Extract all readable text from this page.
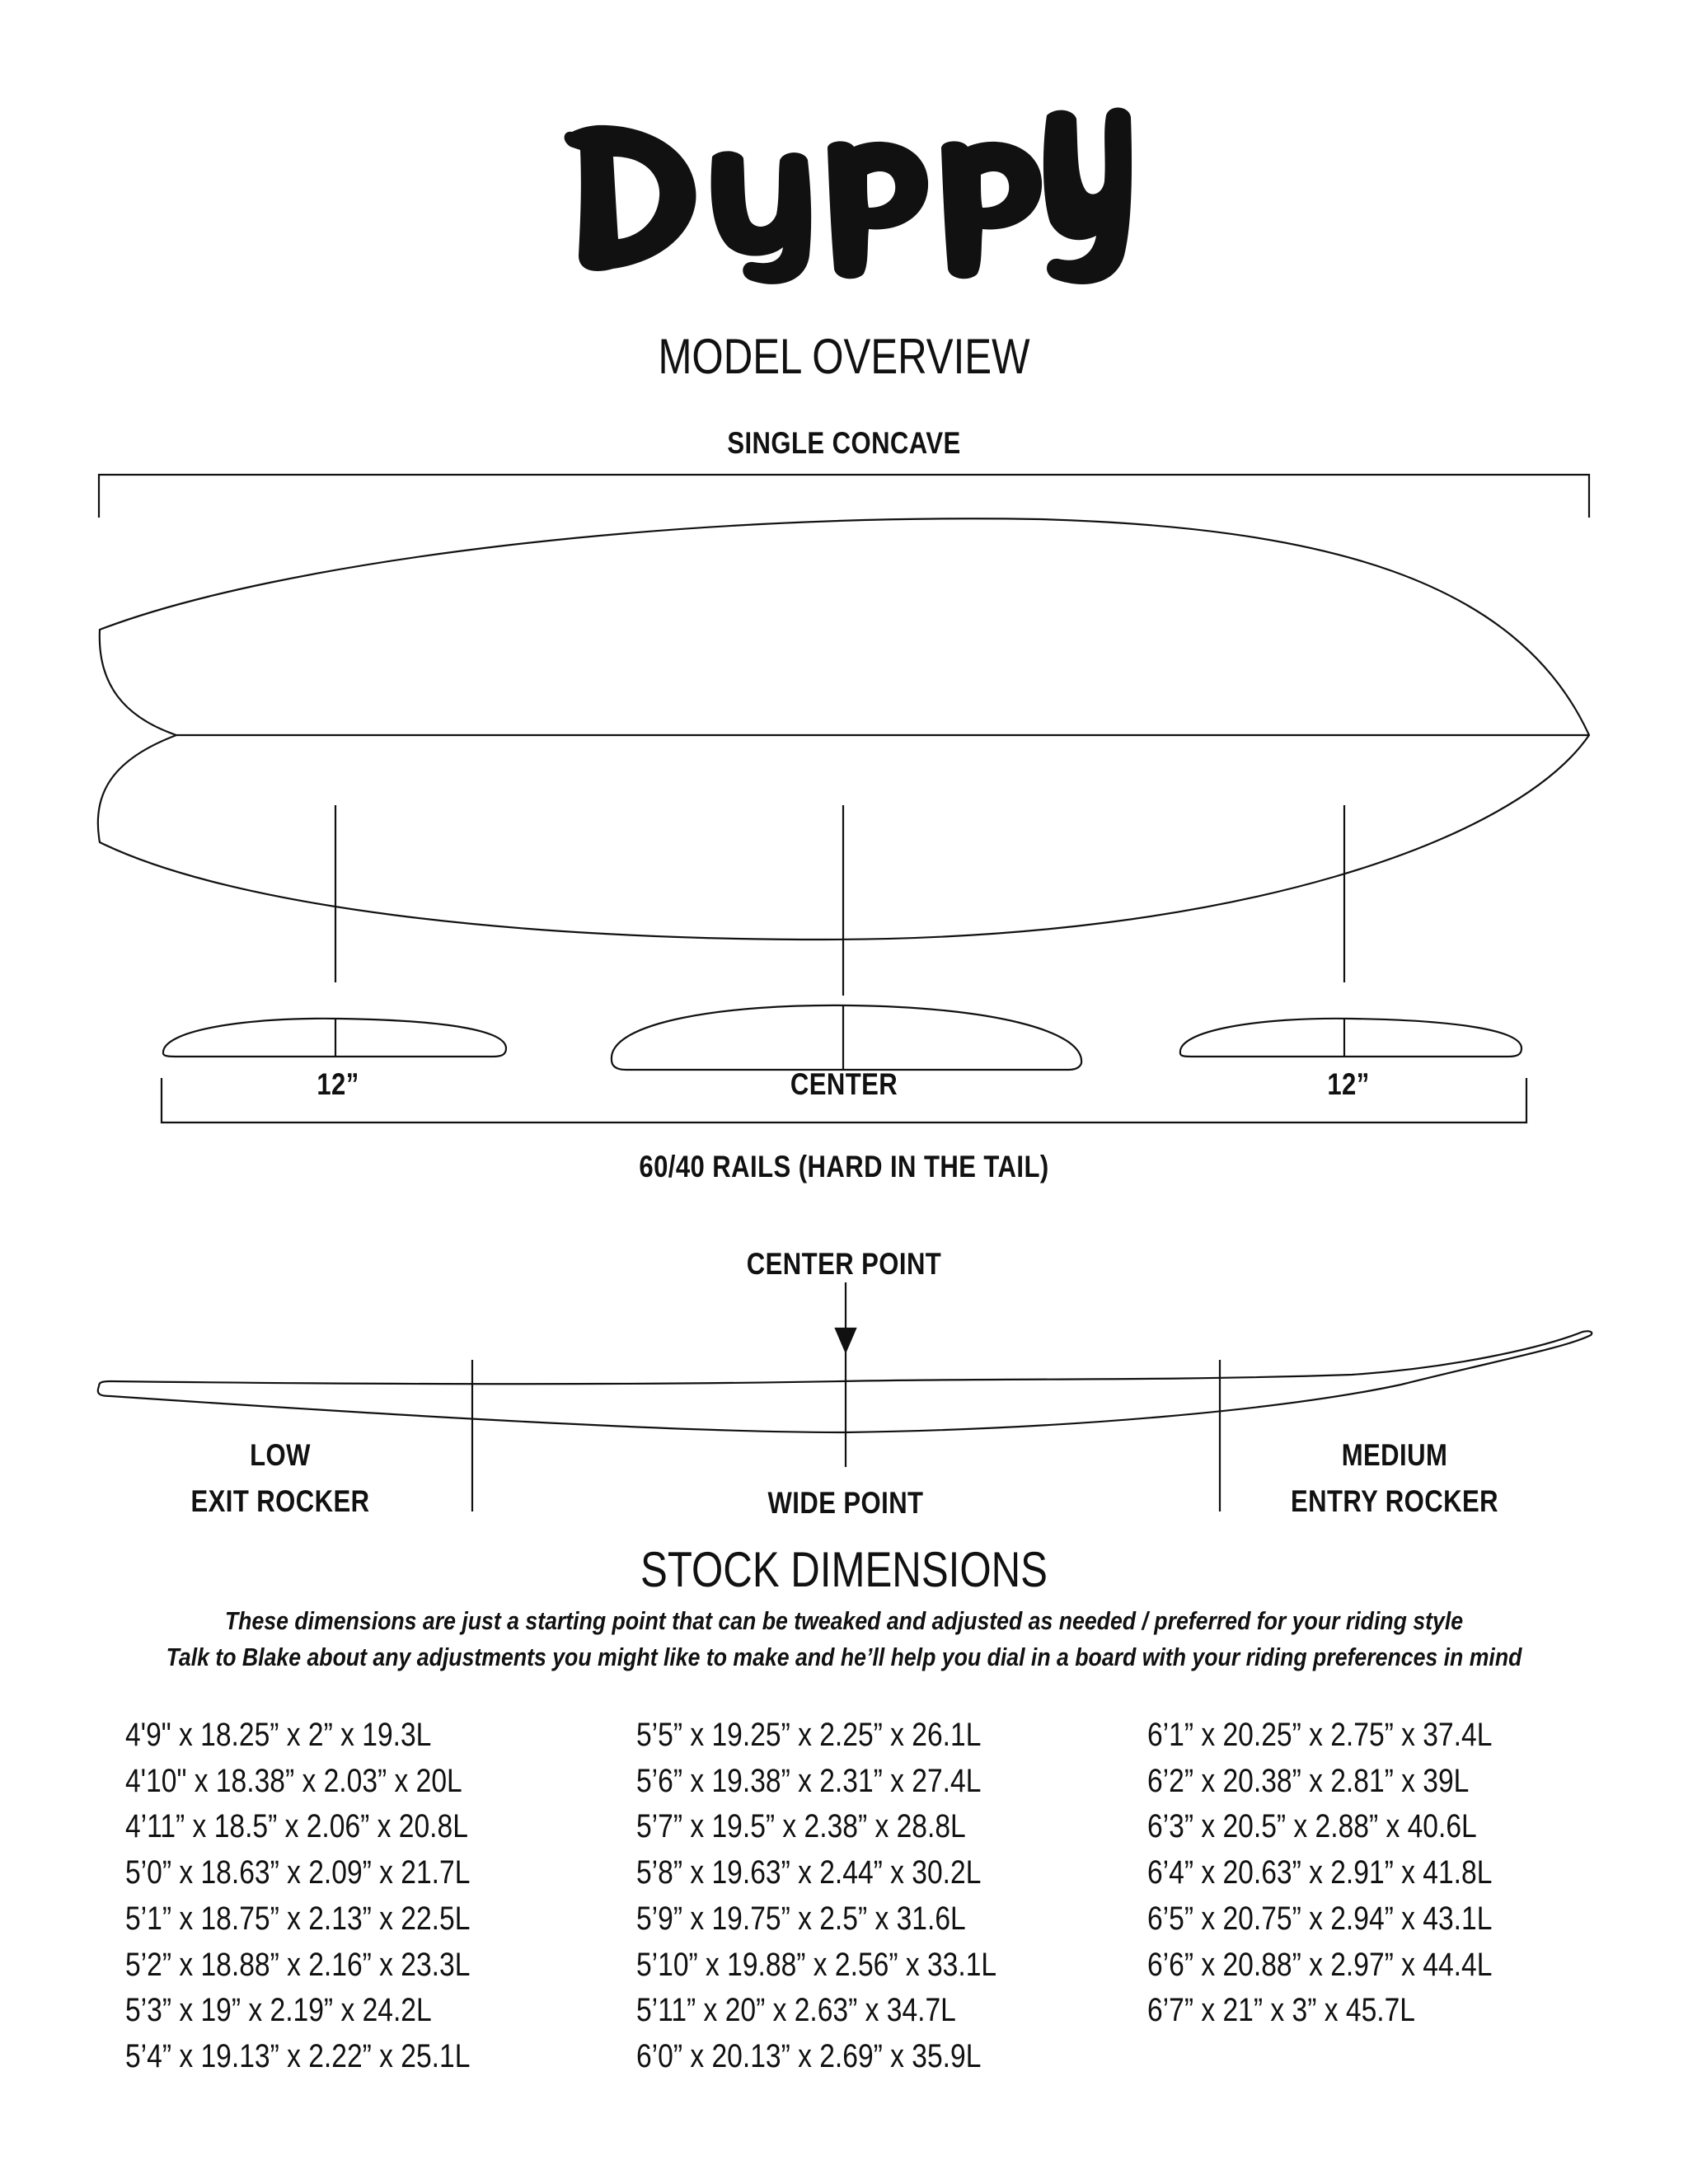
MODEL OVERVIEW
SINGLE CONCAVE
12”	CENTER	12”
60/40 RAILS (HARD IN THE TAIL)
CENTER POINT
LOW
EXIT ROCKER	WIDE POINT
MEDIUM
ENTRY ROCKER
STOCK DIMENSIONS
These dimensions are just a starting point that can be tweaked and adjusted as needed / preferred for your riding style
Talk to Blake about any adjustments you might like to make and he’ll help you dial in a board with your riding preferences in mind
4'9" x 18.25” x 2” x 19.3L
4'10" x 18.38” x 2.03” x 20L
4’11” x 18.5” x 2.06” x 20.8L
5’0” x 18.63” x 2.09” x 21.7L
5’1” x 18.75” x 2.13” x 22.5L
5’2” x 18.88” x 2.16” x 23.3L
5’3” x 19” x 2.19” x 24.2L
5’4” x 19.13” x 2.22” x 25.1L
5’5” x 19.25” x 2.25” x 26.1L
5’6” x 19.38” x 2.31” x 27.4L
5’7” x 19.5” x 2.38” x 28.8L
5’8” x 19.63” x 2.44” x 30.2L
5’9” x 19.75” x 2.5” x 31.6L
5’10” x 19.88” x 2.56” x 33.1L
5’11” x 20” x 2.63” x 34.7L
6’0” x 20.13” x 2.69” x 35.9L
6’1” x 20.25” x 2.75” x 37.4L
6’2” x 20.38” x 2.81” x 39L
6’3” x 20.5” x 2.88” x 40.6L
6’4” x 20.63” x 2.91” x 41.8L
6’5” x 20.75” x 2.94” x 43.1L
6’6” x 20.88” x 2.97” x 44.4L
6’7” x 21” x 3” x 45.7L
